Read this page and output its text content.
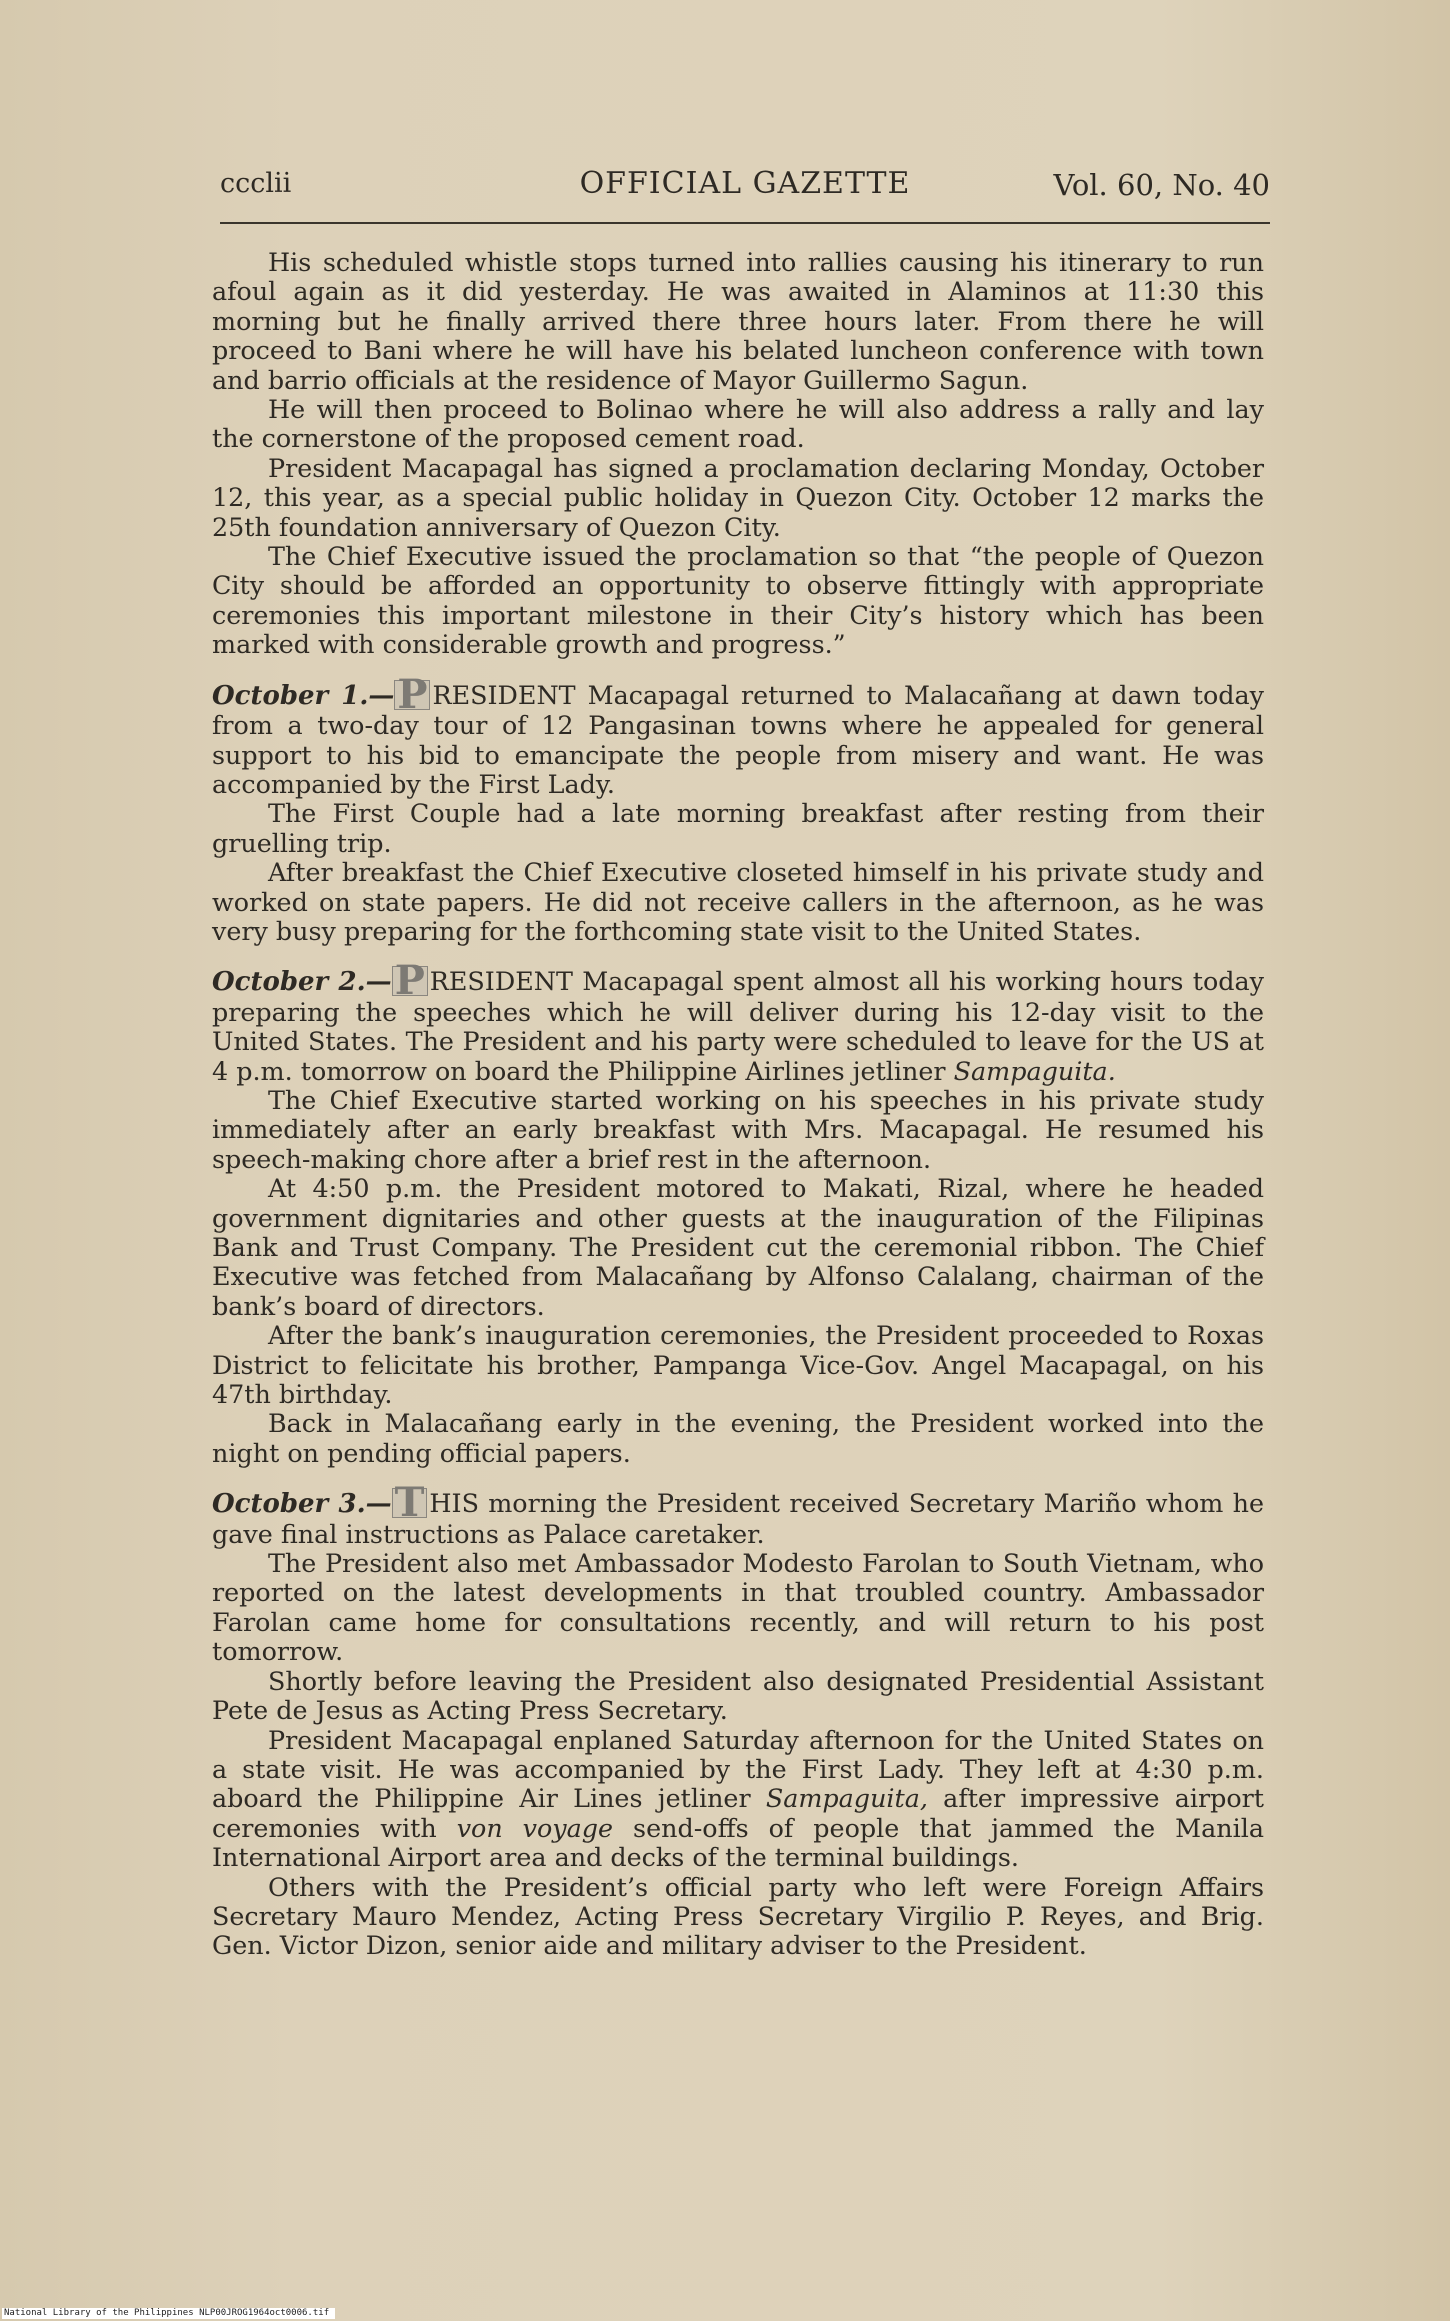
ccclii	OFFICIAL GAZETTE	Vol. 60, No. 40

His scheduled whistle stops turned into rallies causing his itinerary to run afoul again as it did yesterday. He was awaited in Alaminos at 11:30 this morning but he finally arrived there three hours later. From there he will proceed to Bani where he will have his belated luncheon conference with town and barrio officials at the residence of Mayor Guillermo Sagun.

He will then proceed to Bolinao where he will also address a rally and lay the cornerstone of the proposed cement road.

President Macapagal has signed a proclamation declaring Monday, October 12, this year, as a special public holiday in Quezon City. October 12 marks the 25th foundation anniversary of Quezon City.

The Chief Executive issued the proclamation so that “the people of Quezon City should be afforded an opportunity to observe fittingly with appropriate ceremonies this important milestone in their City’s history which has been marked with considerable growth and progress.”

October 1.—P RESIDENT Macapagal returned to Malacañang at dawn today from a two-day tour of 12 Pangasinan towns where he appealed for general support to his bid to emancipate the people from misery and want. He was accompanied by the First Lady.

The First Couple had a late morning breakfast after resting from their gruelling trip.

After breakfast the Chief Executive closeted himself in his private study and worked on state papers. He did not receive callers in the afternoon, as he was very busy preparing for the forthcoming state visit to the United States.

October 2.—P RESIDENT Macapagal spent almost all his working hours today preparing the speeches which he will deliver during his 12-day visit to the United States. The President and his party were scheduled to leave for the US at 4 p.m. tomorrow on board the Philippine Airlines jetliner Sampaguita.

The Chief Executive started working on his speeches in his private study immediately after an early breakfast with Mrs. Macapagal. He resumed his speech-making chore after a brief rest in the afternoon.

At 4:50 p.m. the President motored to Makati, Rizal, where he headed government dignitaries and other guests at the inauguration of the Filipinas Bank and Trust Company. The President cut the ceremonial ribbon. The Chief Executive was fetched from Malacañang by Alfonso Calalang, chairman of the bank’s board of directors.

After the bank’s inauguration ceremonies, the President proceeded to Roxas District to felicitate his brother, Pampanga Vice-Gov. Angel Macapagal, on his 47th birthday.

Back in Malacañang early in the evening, the President worked into the night on pending official papers.

October 3.—T HIS morning the President received Secretary Mariño whom he gave final instructions as Palace caretaker.

The President also met Ambassador Modesto Farolan to South Vietnam, who reported on the latest developments in that troubled country. Ambassador Farolan came home for consultations recently, and will return to his post tomorrow.

Shortly before leaving the President also designated Presidential Assistant Pete de Jesus as Acting Press Secretary.

President Macapagal enplaned Saturday afternoon for the United States on a state visit. He was accompanied by the First Lady. They left at 4:30 p.m. aboard the Philippine Air Lines jetliner Sampaguita, after impressive airport ceremonies with von voyage send-offs of people that jammed the Manila International Airport area and decks of the terminal buildings.

Others with the President’s official party who left were Foreign Affairs Secretary Mauro Mendez, Acting Press Secretary Virgilio P. Reyes, and Brig. Gen. Victor Dizon, senior aide and military adviser to the President.

National Library of the Philippines NLP00JROG1964oct0006.tif
